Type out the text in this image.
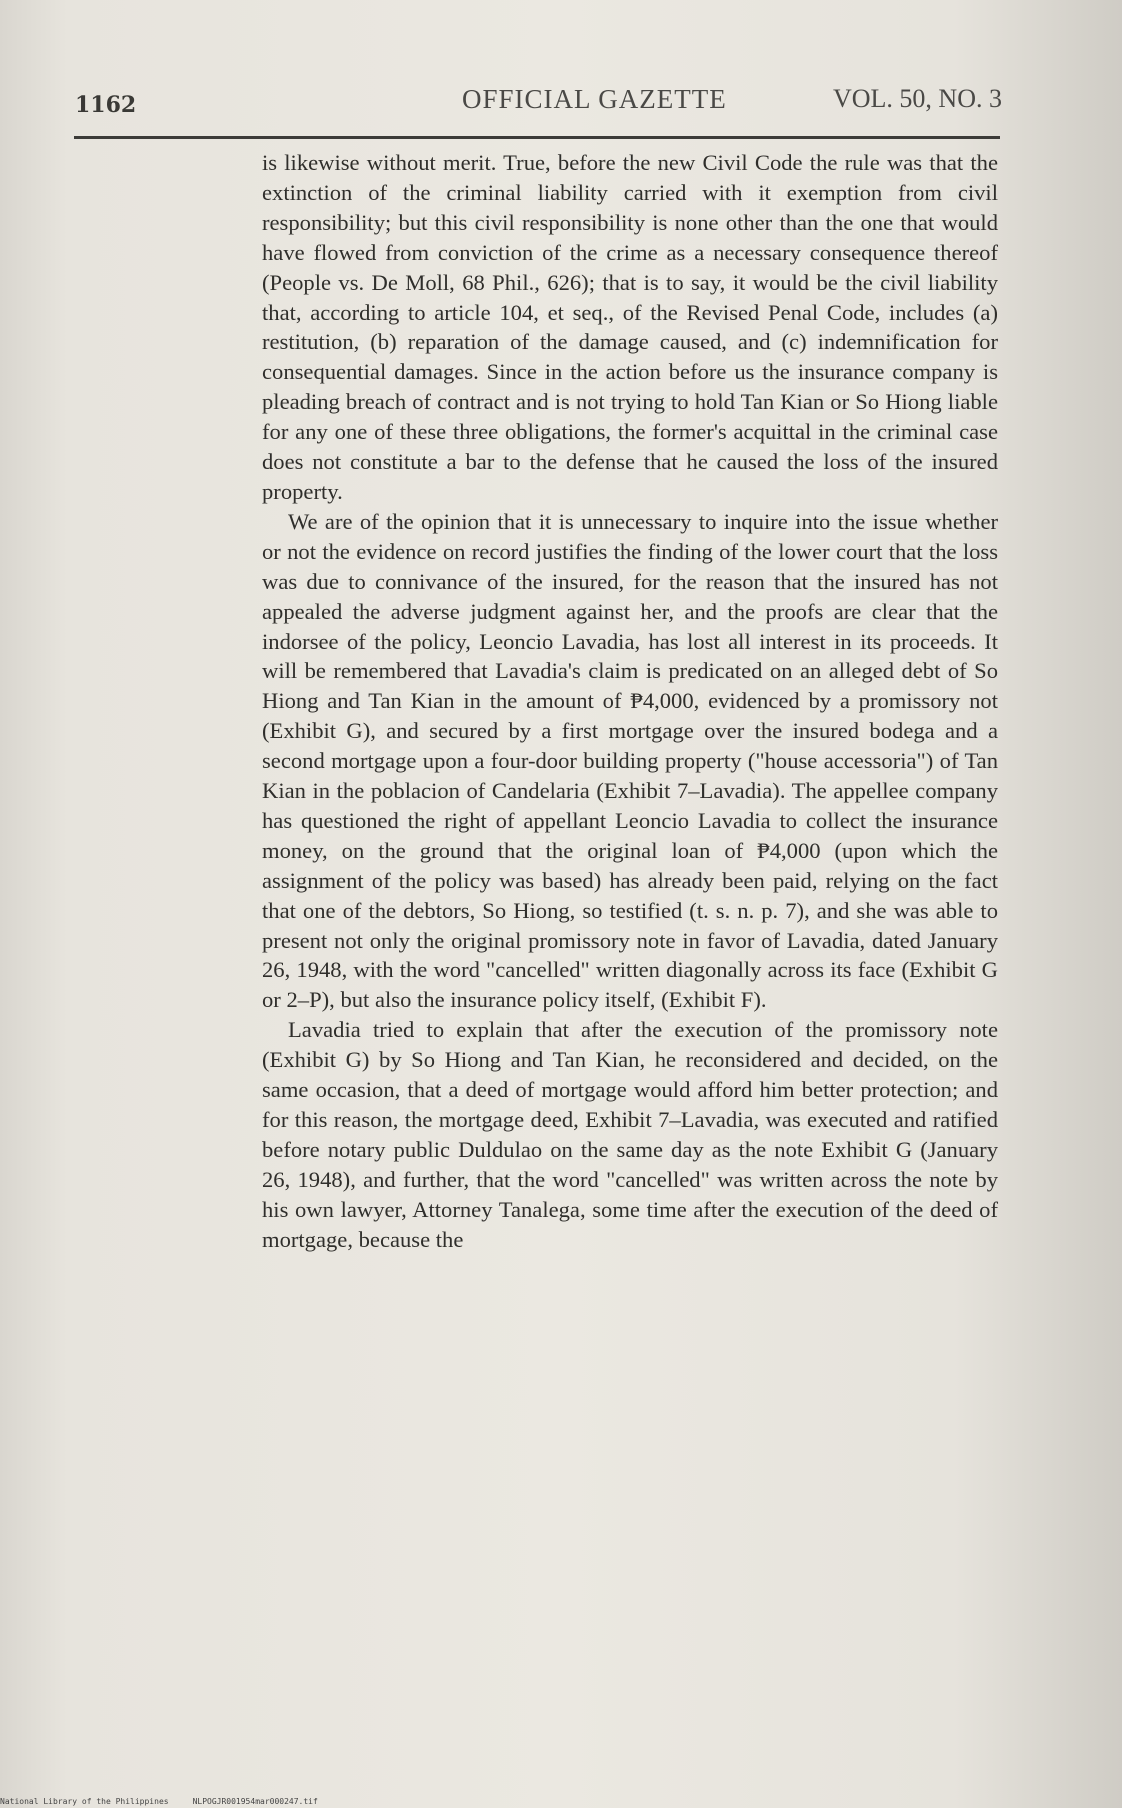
1162	OFFICIAL GAZETTE	VOL. 50, NO. 3

is likewise without merit. True, before the new Civil Code the rule was that the extinction of the criminal liability carried with it exemption from civil responsibility; but this civil responsibility is none other than the one that would have flowed from conviction of the crime as a necessary consequence thereof (People vs. De Moll, 68 Phil., 626); that is to say, it would be the civil liability that, according to article 104, et seq., of the Revised Penal Code, includes (a) restitution, (b) reparation of the damage caused, and (c) indemnification for consequential damages. Since in the action before us the insurance company is pleading breach of contract and is not trying to hold Tan Kian or So Hiong liable for any one of these three obligations, the former's acquittal in the criminal case does not constitute a bar to the defense that he caused the loss of the insured property.

We are of the opinion that it is unnecessary to inquire into the issue whether or not the evidence on record justifies the finding of the lower court that the loss was due to connivance of the insured, for the reason that the insured has not appealed the adverse judgment against her, and the proofs are clear that the indorsee of the policy, Leoncio Lavadia, has lost all interest in its proceeds. It will be remembered that Lavadia's claim is predicated on an alleged debt of So Hiong and Tan Kian in the amount of ₱4,000, evidenced by a promissory not (Exhibit G), and secured by a first mortgage over the insured bodega and a second mortgage upon a four-door building property ("house accessoria") of Tan Kian in the poblacion of Candelaria (Exhibit 7–Lavadia). The appellee company has questioned the right of appellant Leoncio Lavadia to collect the insurance money, on the ground that the original loan of ₱4,000 (upon which the assignment of the policy was based) has already been paid, relying on the fact that one of the debtors, So Hiong, so testified (t. s. n. p. 7), and she was able to present not only the original promissory note in favor of Lavadia, dated January 26, 1948, with the word "cancelled" written diagonally across its face (Exhibit G or 2–P), but also the insurance policy itself, (Exhibit F).

Lavadia tried to explain that after the execution of the promissory note (Exhibit G) by So Hiong and Tan Kian, he reconsidered and decided, on the same occasion, that a deed of mortgage would afford him better protection; and for this reason, the mortgage deed, Exhibit 7–Lavadia, was executed and ratified before notary public Duldulao on the same day as the note Exhibit G (January 26, 1948), and further, that the word "cancelled" was written across the note by his own lawyer, Attorney Tanalega, some time after the execution of the deed of mortgage, because the

National Library of the Philippines	NLPOGJR001954mar000247.tif
